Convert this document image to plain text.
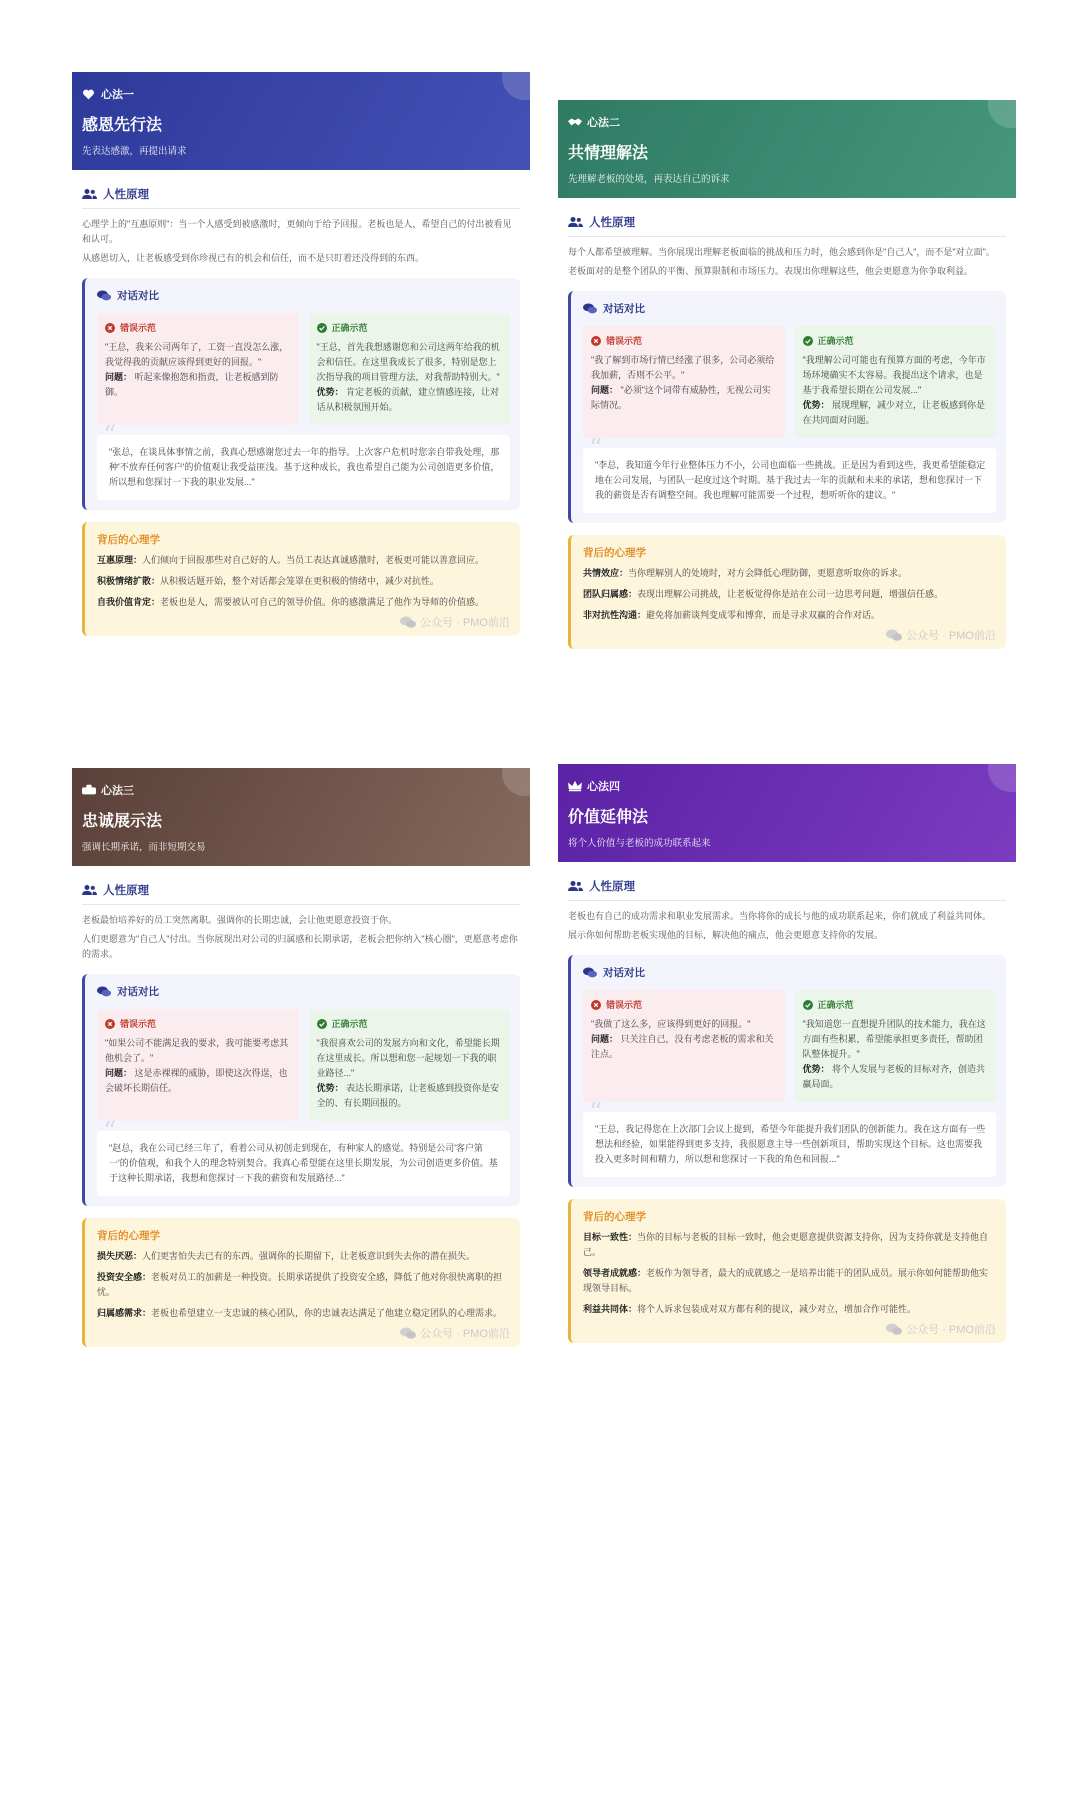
心法一
感恩先行法
先表达感激，再提出请求
人性原理
心理学上的"互惠原则"：当一个人感受到被感激时，更倾向于给予回报。老板也是人，希望自己的付出被看见和认可。
从感恩切入，让老板感受到你珍视已有的机会和信任，而不是只盯着还没得到的东西。
对话对比
错误示范
"王总，我来公司两年了，工资一直没怎么涨，我觉得我的贡献应该得到更好的回报。"
问题： 听起来像抱怨和指责，让老板感到防御。
正确示范
"王总，首先我想感谢您和公司这两年给我的机会和信任。在这里我成长了很多，特别是您上次指导我的项目管理方法，对我帮助特别大。"
优势： 肯定老板的贡献，建立情感连接，让对话从积极氛围开始。
“ "张总，在谈具体事情之前，我真心想感谢您过去一年的指导。上次客户危机时您亲自带我处理，那种'不放弃任何客户'的价值观让我受益匪浅。基于这种成长，我也希望自己能为公司创造更多价值，所以想和您探讨一下我的职业发展..."
背后的心理学
互惠原理：人们倾向于回报那些对自己好的人。当员工表达真诚感激时，老板更可能以善意回应。
积极情绪扩散：从积极话题开始，整个对话都会笼罩在更积极的情绪中，减少对抗性。
自我价值肯定：老板也是人，需要被认可自己的领导价值。你的感激满足了他作为导师的价值感。
公众号 · PMO前沿
心法二
共情理解法
先理解老板的处境，再表达自己的诉求
人性原理
每个人都希望被理解。当你展现出理解老板面临的挑战和压力时，他会感到你是"自己人"，而不是"对立面"。
老板面对的是整个团队的平衡、预算限制和市场压力。表现出你理解这些，他会更愿意为你争取利益。
对话对比
错误示范
"我了解到市场行情已经涨了很多，公司必须给我加薪，否则不公平。"
问题： "必须"这个词带有威胁性，无视公司实际情况。
正确示范
"我理解公司可能也有预算方面的考虑，今年市场环境确实不太容易。我提出这个请求，也是基于我希望长期在公司发展..."
优势： 展现理解，减少对立，让老板感到你是在共同面对问题。
“ "李总，我知道今年行业整体压力不小，公司也面临一些挑战。正是因为看到这些，我更希望能稳定地在公司发展，与团队一起度过这个时期。基于我过去一年的贡献和未来的承诺，想和您探讨一下我的薪资是否有调整空间。我也理解可能需要一个过程，想听听你的建议。"
背后的心理学
共情效应：当你理解别人的处境时，对方会降低心理防御，更愿意听取你的诉求。
团队归属感：表现出理解公司挑战，让老板觉得你是站在公司一边思考问题，增强信任感。
非对抗性沟通：避免将加薪谈判变成零和博弈，而是寻求双赢的合作对话。
公众号 · PMO前沿
心法三
忠诚展示法
强调长期承诺，而非短期交易
人性原理
老板最怕培养好的员工突然离职。强调你的长期忠诚，会让他更愿意投资于你。
人们更愿意为"自己人"付出。当你展现出对公司的归属感和长期承诺，老板会把你纳入"核心圈"，更愿意考虑你的需求。
对话对比
错误示范
"如果公司不能满足我的要求，我可能要考虑其他机会了。"
问题： 这是赤裸裸的威胁，即使这次得逞，也会破坏长期信任。
正确示范
"我很喜欢公司的发展方向和文化，希望能长期在这里成长。所以想和您一起规划一下我的职业路径..."
优势： 表达长期承诺，让老板感到投资你是安全的、有长期回报的。
“ "赵总，我在公司已经三年了，看着公司从初创走到现在，有种家人的感觉。特别是公司'客户第一'的价值观，和我个人的理念特别契合。我真心希望能在这里长期发展，为公司创造更多价值。基于这种长期承诺，我想和您探讨一下我的薪资和发展路径..."
背后的心理学
损失厌恶：人们更害怕失去已有的东西。强调你的长期留下，让老板意识到失去你的潜在损失。
投资安全感：老板对员工的加薪是一种投资。长期承诺提供了投资安全感，降低了他对你很快离职的担忧。
归属感需求：老板也希望建立一支忠诚的核心团队，你的忠诚表达满足了他建立稳定团队的心理需求。
公众号 · PMO前沿
心法四
价值延伸法
将个人价值与老板的成功联系起来
人性原理
老板也有自己的成功需求和职业发展需求。当你将你的成长与他的成功联系起来，你们就成了利益共同体。
展示你如何帮助老板实现他的目标，解决他的痛点，他会更愿意支持你的发展。
对话对比
错误示范
"我做了这么多，应该得到更好的回报。"
问题： 只关注自己，没有考虑老板的需求和关注点。
正确示范
"我知道您一直想提升团队的技术能力，我在这方面有些积累，希望能承担更多责任，帮助团队整体提升。"
优势： 将个人发展与老板的目标对齐，创造共赢局面。
“ "王总，我记得您在上次部门会议上提到，希望今年能提升我们团队的创新能力。我在这方面有一些想法和经验，如果能得到更多支持，我很愿意主导一些创新项目，帮助实现这个目标。这也需要我投入更多时间和精力，所以想和您探讨一下我的角色和回报..."
背后的心理学
目标一致性：当你的目标与老板的目标一致时，他会更愿意提供资源支持你，因为支持你就是支持他自己。
领导者成就感：老板作为领导者，最大的成就感之一是培养出能干的团队成员。展示你如何能帮助他实现领导目标。
利益共同体：将个人诉求包装成对双方都有利的提议，减少对立，增加合作可能性。
公众号 · PMO前沿
